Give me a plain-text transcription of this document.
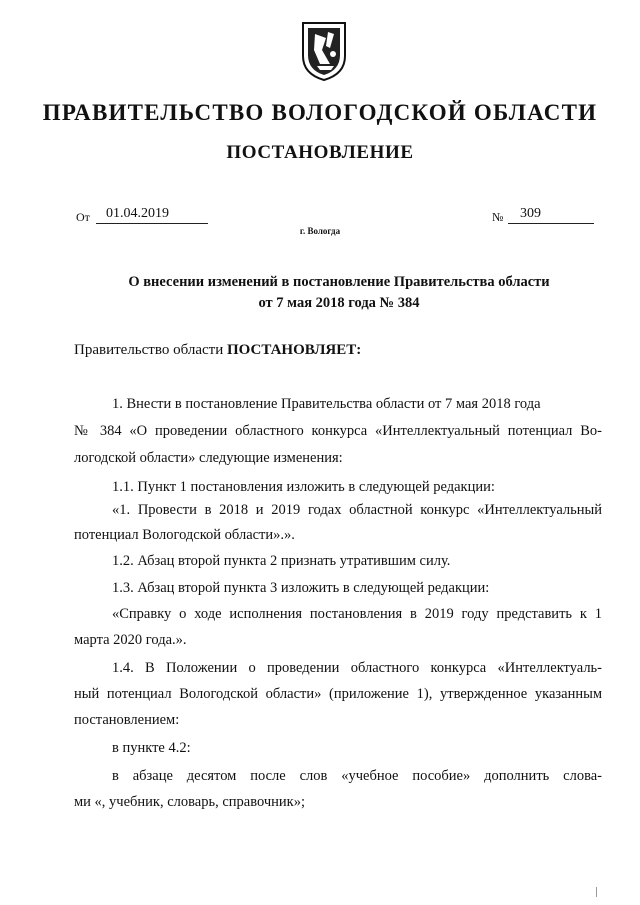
ПРАВИТЕЛЬСТВО ВОЛОГОДСКОЙ ОБЛАСТИ
ПОСТАНОВЛЕНИЕ
От	01.04.2019	№	309
г. Вологда
О внесении изменений в постановление Правительства области
от 7 мая 2018 года № 384
Правительство области ПОСТАНОВЛЯЕТ:
1. Внести в постановление Правительства области от 7 мая 2018 года
№ 384 «О проведении областного конкурса «Интеллектуальный потенциал Во-
логодской области» следующие изменения:
1.1. Пункт 1 постановления изложить в следующей редакции:
«1. Провести в 2018 и 2019 годах областной конкурс «Интеллектуальный
потенциал Вологодской области».».
1.2. Абзац второй пункта 2 признать утратившим силу.
1.3. Абзац второй пункта 3 изложить в следующей редакции:
«Справку о ходе исполнения постановления в 2019 году представить к 1
марта 2020 года.».
1.4. В Положении о проведении областного конкурса «Интеллектуаль-
ный потенциал Вологодской области» (приложение 1), утвержденное указанным
постановлением:
в пункте 4.2:
в абзаце десятом после слов «учебное пособие» дополнить слова-
ми «, учебник, словарь, справочник»;
